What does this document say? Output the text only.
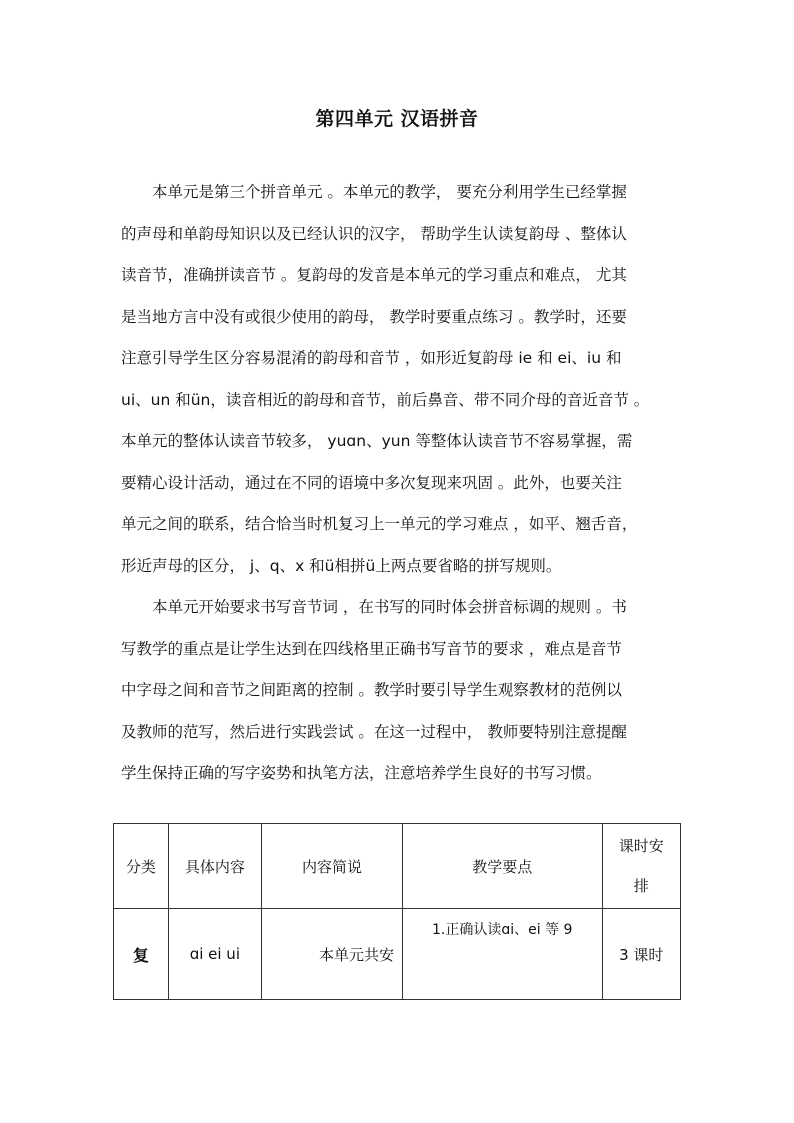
第四单元 汉语拼音
本单元是第三个拼音单元 。本单元的教学， 要充分利用学生已经掌握
的声母和单韵母知识以及已经认识的汉字， 帮助学生认读复韵母 、整体认
读音节，准确拼读音节 。复韵母的发音是本单元的学习重点和难点， 尤其
是当地方言中没有或很少使用的韵母， 教学时要重点练习 。教学时，还要
注意引导学生区分容易混淆的韵母和音节 ，如形近复韵母 ie 和 ei、iu 和
ui、un 和ün，读音相近的韵母和音节，前后鼻音、带不同介母的音近音节 。
本单元的整体认读音节较多， yuɑn、yun 等整体认读音节不容易掌握，需
要精心设计活动，通过在不同的语境中多次复现来巩固 。此外，也要关注
单元之间的联系，结合恰当时机复习上一单元的学习难点 ，如平、翘舌音，
形近声母的区分， j、q、x 和ü相拼ü上两点要省略的拼写规则。
本单元开始要求书写音节词 ，在书写的同时体会拼音标调的规则 。书
写教学的重点是让学生达到在四线格里正确书写音节的要求 ，难点是音节
中字母之间和音节之间距离的控制 。教学时要引导学生观察教材的范例以
及教师的范写，然后进行实践尝试 。在这一过程中， 教师要特别注意提醒
学生保持正确的写字姿势和执笔方法，注意培养学生良好的书写习惯。
分类	具体内容	内容简说	教学要点	课时安
排
复	ɑi ei ui	本单元共安	1.正确认读ɑi、ei 等 9	3 课时
